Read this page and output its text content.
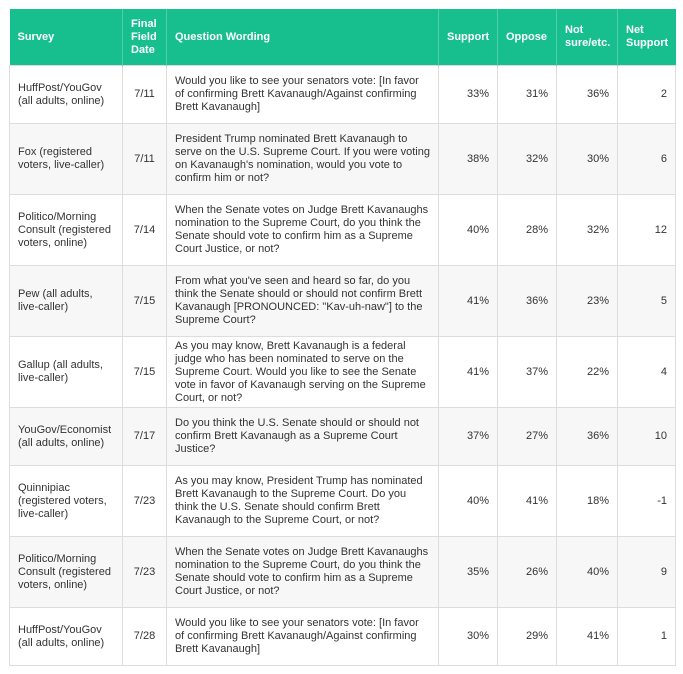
Survey	Final Field Date	Question Wording	Support	Oppose	Not sure/etc.	Net Support
HuffPost/YouGov (all adults, online)	7/11	Would you like to see your senators vote: [In favor of confirming Brett Kavanaugh/Against confirming Brett Kavanaugh]	33%	31%	36%	2
Fox (registered voters, live-caller)	7/11	President Trump nominated Brett Kavanaugh to serve on the U.S. Supreme Court. If you were voting on Kavanaugh's nomination, would you vote to confirm him or not?	38%	32%	30%	6
Politico/Morning Consult (registered voters, online)	7/14	When the Senate votes on Judge Brett Kavanaughs nomination to the Supreme Court, do you think the Senate should vote to confirm him as a Supreme Court Justice, or not?	40%	28%	32%	12
Pew (all adults, live-caller)	7/15	From what you've seen and heard so far, do you think the Senate should or should not confirm Brett Kavanaugh [PRONOUNCED: "Kav-uh-naw"] to the Supreme Court?	41%	36%	23%	5
Gallup (all adults, live-caller)	7/15	As you may know, Brett Kavanaugh is a federal judge who has been nominated to serve on the Supreme Court. Would you like to see the Senate vote in favor of Kavanaugh serving on the Supreme Court, or not?	41%	37%	22%	4
YouGov/Economist (all adults, online)	7/17	Do you think the U.S. Senate should or should not confirm Brett Kavanaugh as a Supreme Court Justice?	37%	27%	36%	10
Quinnipiac (registered voters, live-caller)	7/23	As you may know, President Trump has nominated Brett Kavanaugh to the Supreme Court. Do you think the U.S. Senate should confirm Brett Kavanaugh to the Supreme Court, or not?	40%	41%	18%	-1
Politico/Morning Consult (registered voters, online)	7/23	When the Senate votes on Judge Brett Kavanaughs nomination to the Supreme Court, do you think the Senate should vote to confirm him as a Supreme Court Justice, or not?	35%	26%	40%	9
HuffPost/YouGov (all adults, online)	7/28	Would you like to see your senators vote: [In favor of confirming Brett Kavanaugh/Against confirming Brett Kavanaugh]	30%	29%	41%	1
